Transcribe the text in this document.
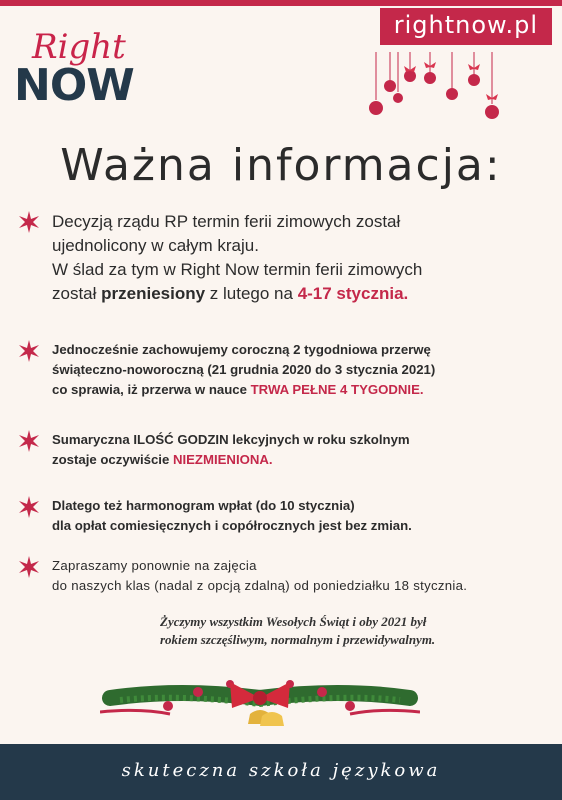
rightnow.pl
Right
NOW
Ważna informacja:
Decyzją rządu RP termin ferii zimowych został
ujednolicony w całym kraju.
W ślad za tym w Right Now termin ferii zimowych
został przeniesiony z lutego na 4-17 stycznia.
Jednocześnie zachowujemy coroczną 2 tygodniowa przerwę
świąteczno-noworoczną (21 grudnia 2020 do 3 stycznia 2021)
co sprawia, iż przerwa w nauce TRWA PEŁNE 4 TYGODNIE.
Sumaryczna ILOŚĆ GODZIN lekcyjnych w roku szkolnym
zostaje oczywiście NIEZMIENIONA.
Dlatego też harmonogram wpłat (do 10 stycznia)
dla opłat comiesięcznych i copółrocznych jest bez zmian.
Zapraszamy ponownie na zajęcia
do naszych klas (nadal z opcją zdalną) od poniedziałku 18 stycznia.
Życzymy wszystkim Wesołych Świąt i oby 2021 był
rokiem szczęśliwym, normalnym i przewidywalnym.
skuteczna szkoła językowa
